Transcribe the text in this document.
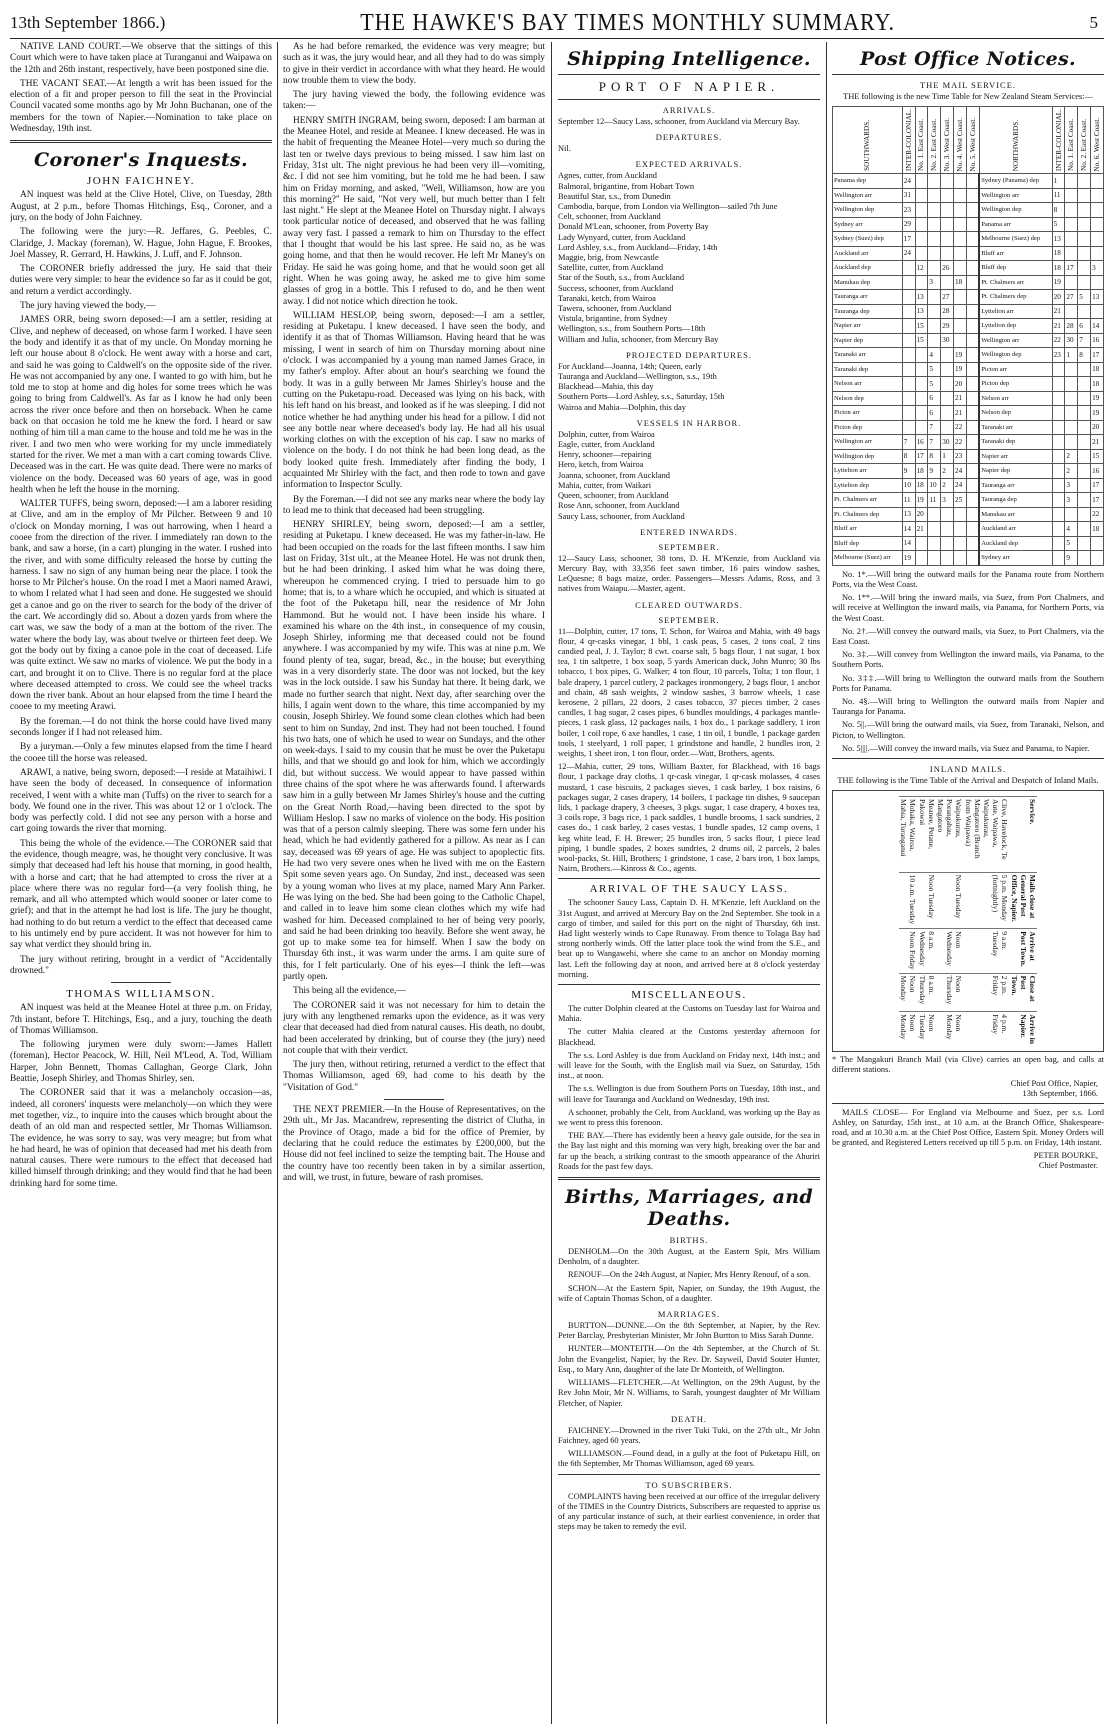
13th September 1866.)	THE HAWKE'S BAY TIMES MONTHLY SUMMARY.	5

NATIVE LAND COURT.—We observe that the sittings of this Court which were to have taken place at Turanganui and Waipawa on the 12th and 26th instant, respectively, have been postponed sine die.

THE VACANT SEAT.—At length a writ has been issued for the election of a fit and proper person to fill the seat in the Provincial Council vacated some months ago by Mr John Buchanan, one of the members for the town of Napier.—Nomination to take place on Wednesday, 19th inst.

Coroner's Inquests.
JOHN FAICHNEY.

AN inquest was held at the Clive Hotel, Clive, on Tuesday, 28th August, at 2 p.m., before Thomas Hitchings, Esq., Coroner, and a jury, on the body of John Faichney.

The following were the jury:—R. Jeffares, G. Peebles, C. Claridge, J. Mackay (foreman), W. Hague, John Hague, F. Brookes, Joel Massey, R. Gerrard, H. Hawkins, J. Luff, and F. Johnson.

The CORONER briefly addressed the jury. He said that their duties were very simple: to hear the evidence so far as it could be got, and return a verdict accordingly.

The jury having viewed the body,—

JAMES ORR, being sworn deposed:—I am a settler, residing at Clive, and nephew of deceased, on whose farm I worked. I have seen the body and identify it as that of my uncle. On Monday morning he left our house about 8 o'clock. He went away with a horse and cart, and said he was going to Caldwell's on the opposite side of the river. He was not accompanied by any one. I wanted to go with him, but he told me to stop at home and dig holes for some trees which he was going to bring from Caldwell's. As far as I know he had only been across the river once before and then on horseback. When he came back on that occasion he told me he knew the ford. I heard or saw nothing of him till a man came to the house and told me he was in the river. I and two men who were working for my uncle immediately started for the river. We met a man with a cart coming towards Clive. Deceased was in the cart. He was quite dead. There were no marks of violence on the body. Deceased was 60 years of age, was in good health when he left the house in the morning.

WALTER TUFFS, being sworn, deposed:—I am a laborer residing at Clive, and am in the employ of Mr Pilcher. Between 9 and 10 o'clock on Monday morning, I was out harrowing, when I heard a cooee from the direction of the river. I immediately ran down to the bank, and saw a horse, (in a cart) plunging in the water. I rushed into the river, and with some difficulty released the horse by cutting the harness. I saw no sign of any human being near the place. I took the horse to Mr Pilcher's house. On the road I met a Maori named Arawi, to whom I related what I had seen and done. He suggested we should get a canoe and go on the river to search for the body of the driver of the cart. We accordingly did so. About a dozen yards from where the cart was, we saw the body of a man at the bottom of the river. The water where the body lay, was about twelve or thirteen feet deep. We got the body out by fixing a canoe pole in the coat of deceased. Life was quite extinct. We saw no marks of violence. We put the body in a cart, and brought it on to Clive. There is no regular ford at the place where deceased attempted to cross. We could see the wheel tracks down the river bank. About an hour elapsed from the time I heard the cooee to my meeting Arawi.

By the foreman.—I do not think the horse could have lived many seconds longer if I had not released him.

By a juryman.—Only a few minutes elapsed from the time I heard the cooee till the horse was released.

ARAWI, a native, being sworn, deposed:—I reside at Mataihiwi. I have seen the body of deceased. In consequence of information received, I went with a white man (Tuffs) on the river to search for a body. We found one in the river. This was about 12 or 1 o'clock. The body was perfectly cold. I did not see any person with a horse and cart going towards the river that morning.

This being the whole of the evidence.—The CORONER said that the evidence, though meagre, was, he thought very conclusive. It was simply that deceased had left his house that morning, in good health, with a horse and cart; that he had attempted to cross the river at a place where there was no regular ford—(a very foolish thing, he remark, and all who attempted which would sooner or later come to grief); and that in the attempt he had lost is life. The jury he thought, had nothing to do but return a verdict to the effect that deceased came to his untimely end by pure accident. It was not however for him to say what verdict they should bring in.

The jury without retiring, brought in a verdict of "Accidentally drowned."

THOMAS WILLIAMSON.

AN inquest was held at the Meanee Hotel at three p.m. on Friday, 7th instant, before T. Hitchings, Esq., and a jury, touching the death of Thomas Williamson.

The following jurymen were duly sworn:—James Hallett (foreman), Hector Peacock, W. Hill, Neil M'Leod, A. Tod, William Harper, John Bennett, Thomas Callaghan, George Clark, John Beattie, Joseph Shirley, and Thomas Shirley, sen.

The CORONER said that it was a melancholy occasion—as, indeed, all coroners' inquests were melancholy—on which they were met together, viz., to inquire into the causes which brought about the death of an old man and respected settler, Mr Thomas Williamson. The evidence, he was sorry to say, was very meagre; but from what he had heard, he was of opinion that deceased had met his death from natural causes. There were rumours to the effect that deceased had killed himself through drinking; and they would find that he had been drinking hard for some time.

As he had before remarked, the evidence was very meagre; but such as it was, the jury would hear, and all they had to do was simply to give in their verdict in accordance with what they heard. He would now trouble them to view the body.

The jury having viewed the body, the following evidence was taken:—

HENRY SMITH INGRAM, being sworn, deposed: I am barman at the Meanee Hotel, and reside at Meanee. I knew deceased. He was in the habit of frequenting the Meanee Hotel—very much so during the last ten or twelve days previous to being missed. I saw him last on Friday, 31st ult. The night previous he had been very ill—vomiting, &c. I did not see him vomiting, but he told me he had been. I saw him on Friday morning, and asked, "Well, Williamson, how are you this morning?" He said, "Not very well, but much better than I felt last night." He slept at the Meanee Hotel on Thursday night. I always took particular notice of deceased, and observed that he was falling away very fast. I passed a remark to him on Thursday to the effect that I thought that would be his last spree. He said no, as he was going home, and that then he would recover. He left Mr Maney's on Friday. He said he was going home, and that he would soon get all right. When he was going away, he asked me to give him some glasses of grog in a bottle. This I refused to do, and he then went away. I did not notice which direction he took.

WILLIAM HESLOP, being sworn, deposed:—I am a settler, residing at Puketapu. I knew deceased. I have seen the body, and identify it as that of Thomas Williamson. Having heard that he was missing, I went in search of him on Thursday morning about nine o'clock. I was accompanied by a young man named James Grace, in my father's employ. After about an hour's searching we found the body. It was in a gully between Mr James Shirley's house and the cutting on the Puketapu-road. Deceased was lying on his back, with his left hand on his breast, and looked as if he was sleeping. I did not notice whether he had anything under his head for a pillow. I did not see any bottle near where deceased's body lay. He had all his usual working clothes on with the exception of his cap. I saw no marks of violence on the body. I do not think he had been long dead, as the body looked quite fresh. Immediately after finding the body, I acquainted Mr Shirley with the fact, and then rode to town and gave information to Inspector Scully.

By the Foreman.—I did not see any marks near where the body lay to lead me to think that deceased had been struggling.

HENRY SHIRLEY, being sworn, deposed:—I am a settler, residing at Puketapu. I knew deceased. He was my father-in-law. He had been occupied on the roads for the last fifteen months. I saw him last on Friday, 31st ult., at the Meanee Hotel. He was not drunk then, but he had been drinking. I asked him what he was doing there, whereupon he commenced crying. I tried to persuade him to go home; that is, to a whare which he occupied, and which is situated at the foot of the Puketapu hill, near the residence of Mr John Hammond. But he would not. I have been inside his whare. I examined his whare on the 4th inst., in consequence of my cousin, Joseph Shirley, informing me that deceased could not be found anywhere. I was accompanied by my wife. This was at nine p.m. We found plenty of tea, sugar, bread, &c., in the house; but everything was in a very disorderly state. The door was not locked, but the key was in the lock outside. I saw his Sunday hat there. It being dark, we made no further search that night. Next day, after searching over the hills, I again went down to the whare, this time accompanied by my cousin, Joseph Shirley. We found some clean clothes which had been sent to him on Sunday, 2nd inst. They had not been touched. I found his two hats, one of which he used to wear on Sundays, and the other on week-days. I said to my cousin that he must be over the Puketapu hills, and that we should go and look for him, which we accordingly did, but without success. We would appear to have passed within three chains of the spot where he was afterwards found. I afterwards saw him in a gully between Mr James Shirley's house and the cutting on the Great North Road,—having been directed to the spot by William Heslop. I saw no marks of violence on the body. His position was that of a person calmly sleeping. There was some fern under his head, which he had evidently gathered for a pillow. As near as I can say, deceased was 69 years of age. He was subject to apoplectic fits. He had two very severe ones when he lived with me on the Eastern Spit some seven years ago. On Sunday, 2nd inst., deceased was seen by a young woman who lives at my place, named Mary Ann Parker. He was lying on the bed. She had been going to the Catholic Chapel, and called in to leave him some clean clothes which my wife had washed for him. Deceased complained to her of being very poorly, and said he had been drinking too heavily. Before she went away, he got up to make some tea for himself. When I saw the body on Thursday 6th inst., it was warm under the arms. I am quite sure of this, for I felt particularly. One of his eyes—I think the left—was partly open.

This being all the evidence,—

The CORONER said it was not necessary for him to detain the jury with any lengthened remarks upon the evidence, as it was very clear that deceased had died from natural causes. His death, no doubt, had been accelerated by drinking, but of course they (the jury) need not couple that with their verdict.

The jury then, without retiring, returned a verdict to the effect that Thomas Williamson, aged 69, had come to his death by the "Visitation of God."

THE NEXT PREMIER.—In the House of Representatives, on the 29th ult., Mr Jas. Macandrew, representing the district of Clutha, in the Province of Otago, made a bid for the office of Premier, by declaring that he could reduce the estimates by £200,000, but the House did not feel inclined to seize the tempting bait. The House and the country have too recently been taken in by a similar assertion, and will, we trust, in future, beware of rash promises.

Shipping Intelligence.
PORT OF NAPIER.
ARRIVALS.

September 12—Saucy Lass, schooner, from Auckland via Mercury Bay.

DEPARTURES.

Nil.

EXPECTED ARRIVALS.
Agnes, cutter, from Auckland
Balmoral, brigantine, from Hobart Town
Beautiful Star, s.s., from Dunedin
Cambodia, barque, from London via Wellington—sailed 7th June
Celt, schooner, from Auckland
Donald M'Lean, schooner, from Poverty Bay
Lady Wynyard, cutter, from Auckland
Lord Ashley, s.s., from Auckland—Friday, 14th
Maggie, brig, from Newcastle
Satellite, cutter, from Auckland
Star of the South, s.s., from Auckland
Success, schooner, from Auckland
Taranaki, ketch, from Wairoa
Tawera, schooner, from Auckland
Vistula, brigantine, from Sydney
Wellington, s.s., from Southern Ports—18th
William and Julia, schooner, from Mercury Bay
PROJECTED DEPARTURES.
For Auckland—Joanna, 14th; Queen, early
Tauranga and Auckland—Wellington, s.s., 19th
Blackhead—Mahia, this day
Southern Ports—Lord Ashley, s.s., Saturday, 15th
Wairoa and Mahia—Dolphin, this day
VESSELS IN HARBOR.
Dolphin, cutter, from Wairoa
Eagle, cutter, from Auckland
Henry, schooner—repairing
Hero, ketch, from Wairoa
Joanna, schooner, from Auckland
Mahia, cutter, from Waikari
Queen, schooner, from Auckland
Rose Ann, schooner, from Auckland
Saucy Lass, schooner, from Auckland
ENTERED INWARDS.
SEPTEMBER.

12—Saucy Lass, schooner, 38 tons, D. H. M'Kenzie, from Auckland via Mercury Bay, with 33,356 feet sawn timber, 16 pairs window sashes, LeQuesne; 8 bags maize, order. Passengers—Messrs Adams, Ross, and 3 natives from Waiapu.—Master, agent.

CLEARED OUTWARDS.
SEPTEMBER.

11—Dolphin, cutter, 17 tons, T. Schon, for Wairoa and Mahia, with 49 bags flour, 4 qr-casks vinegar, 1 bbl, 1 cask peas, 5 cases, 2 tons coal, 2 tins candied peal, J. J. Taylor; 8 cwt. coarse salt, 5 bags flour, 1 nat sugar, 1 box tea, 1 tin saltpetre, 1 box soap, 5 yards American duck, John Munro; 30 lbs tobacco, 1 box pipes, G. Walker; 4 ton flour, 10 parcels, Tolta; 1 ton flour, 1 bale drapery, 1 parcel cutlery, 2 packages ironmongery, 2 bags flour, 1 anchor and chain, 48 sash weights, 2 window sashes, 3 barrow wheels, 1 case kerosene, 2 pillars, 22 doors, 2 cases tobacco, 37 pieces timber, 2 cases candles, 1 bag sugar, 2 cases pipes, 6 bundles mouldings, 4 packages mantle-pieces, 1 cask glass, 12 packages nails, 1 box do., 1 package saddlery, 1 iron boiler, 1 coil rope, 6 axe handles, 1 case, 1 tin oil, 1 bundle, 1 package garden tools, 1 steelyard, 1 roll paper, 1 grindstone and handle, 2 bundles iron, 2 weights, 1 sheet iron, 1 ton flour, order.—Watt, Brothers, agents.

12—Mahia, cutter, 29 tons, William Baxter, for Blackhead, with 16 bags flour, 1 package dray cloths, 1 qr-cask vinegar, 1 qr-cask molasses, 4 cases mustard, 1 case biscuits, 2 packages sieves, 1 cask barley, 1 box raisins, 6 packages sugar, 2 cases drapery, 14 boilers, 1 package tin dishes, 9 saucepan lids, 1 package drapery, 3 cheeses, 3 pkgs. sugar, 1 case drapery, 4 boxes tea, 3 coils rope, 3 bags rice, 1 pack saddles, 1 bundle brooms, 1 sack sundries, 2 cases do., 1 cask barley, 2 cases vestas, 1 bundle spades, 12 camp ovens, 1 keg white lead, F. H. Brewer; 25 bundles iron, 5 sacks flour, 1 piece lead piping, 1 bundle spades, 2 boxes sundries, 2 drums oil, 2 parcels, 2 bales wool-packs, St. Hill, Brothers; 1 grindstone, 1 case, 2 bars iron, 1 box lamps, Nairn, Brothers.—Kinross & Co., agents.

ARRIVAL OF THE SAUCY LASS.

The schooner Saucy Lass, Captain D. H. M'Kenzie, left Auckland on the 31st August, and arrived at Mercury Bay on the 2nd September. She took in a cargo of timber, and sailed for this port on the night of Thursday, 6th inst. Had light westerly winds to Cape Runaway. From thence to Tolaga Bay had strong northerly winds. Off the latter place took the wind from the S.E., and beat up to Wangawehi, where she came to an anchor on Monday morning last. Left the following day at noon, and arrived here at 8 o'clock yesterday morning.

MISCELLANEOUS.

The cutter Dolphin cleared at the Customs on Tuesday last for Wairoa and Mahia.

The cutter Mahia cleared at the Customs yesterday afternoon for Blackhead.

The s.s. Lord Ashley is due from Auckland on Friday next, 14th inst.; and will leave for the South, with the English mail via Suez, on Saturday, 15th inst., at noon.

The s.s. Wellington is due from Southern Ports on Tuesday, 18th inst., and will leave for Tauranga and Auckland on Wednesday, 19th inst.

A schooner, probably the Celt, from Auckland, was working up the Bay as we went to press this forenoon.

THE BAY.—There has evidently been a heavy gale outside, for the sea in the Bay last night and this morning was very high, breaking over the bar and far up the beach, a striking contrast to the smooth appearance of the Ahuriri Roads for the past few days.

Births, Marriages, and Deaths.
BIRTHS.

DENHOLM—On the 30th August, at the Eastern Spit, Mrs William Denholm, of a daughter.

RENOUF—On the 24th August, at Napier, Mrs Henry Renouf, of a son.

SCHON—At the Eastern Spit, Napier, on Sunday, the 19th August, the wife of Captain Thomas Schon, of a daughter.

MARRIAGES.

BURTTON—DUNNE.—On the 8th September, at Napier, by the Rev. Peter Barclay, Presbyterian Minister, Mr John Burtton to Miss Sarah Dunne.

HUNTER—MONTEITH.—On the 4th September, at the Church of St. John the Evangelist, Napier, by the Rev. Dr. Sayweil, David Souter Hunter, Esq., to Mary Ann, daughter of the late Dr Monteith, of Wellington.

WILLIAMS—FLETCHER.—At Wellington, on the 29th August, by the Rev John Moir, Mr N. Williams, to Sarah, youngest daughter of Mr William Fletcher, of Napier.

DEATH.

FAICHNEY.—Drowned in the river Tuki Tuki, on the 27th ult., Mr John Faichney, aged 60 years.

WILLIAMSON.—Found dead, in a gully at the foot of Puketapu Hill, on the 6th September, Mr Thomas Williamson, aged 69 years.

TO SUBSCRIBERS.

COMPLAINTS having been received at our office of the irregular delivery of the TIMES in the Country Districts, Subscribers are requested to apprise us of any particular instance of such, at their earliest convenience, in order that steps may be taken to remedy the evil.

Post Office Notices.
THE MAIL SERVICE.

THE following is the new Time Table for New Zealand Steam Services:—

SOUTHWARDS.	INTER-COLONIAL.	No. 1. East Coast.	No. 2. East Coast.	No. 3. West Coast.	No. 4. West Coast.	No. 5. West Coast.	NORTHWARDS.	INTER-COLONIAL.	No. 1. East Coast.	No. 2. East Coast.	No. 6. West Coast.
Panama dep	24						Sydney (Panama) dep	1			
Wellington arr	31						Wellington arr	11			
Wellington dep	23						Wellington dep	8			
Sydney arr	29						Panama arr	5			
Sydney (Suez) dep	17						Melbourne (Suez) dep	13			
Auckland arr	24						Bluff arr	18			
Auckland dep		12		26			Bluff dep	18	17		3
Manukau dep			3		18		Pt. Chalmers arr	19			
Tauranga arr		13		27			Pt. Chalmers dep	20	27	5	13
Tauranga dep		13		28			Lyttelton arr	21			
Napier arr		15		29			Lyttelton dep	21	28	6	14
Napier dep		15		30			Wellington arr	22	30	7	16
Taranaki arr			4		19		Wellington dep	23	1	8	17
Taranaki dep			5		19		Picton arr				18
Nelson arr			5		20		Picton dep				18
Nelson dep			6		21		Nelson arr				19
Picton arr			6		21		Nelson dep				19
Picton dep			7		22		Taranaki arr				20
Wellington arr	7	16	7	30	22		Taranaki dep				21
Wellington dep	8	17	8	1	23		Napier arr		2		15
Lyttelton arr	9	18	9	2	24		Napier dep		2		16
Lyttelton dep	10	18	10	2	24		Tauranga arr		3		17
Pt. Chalmers arr	11	19	11	3	25		Tauranga dep		3		17
Pt. Chalmers dep	13	20					Manukau arr				22
Bluff arr	14	21					Auckland arr		4		18
Bluff dep	14						Auckland dep		5		
Melbourne (Suez) arr	19						Sydney arr		9		

No. 1*.—Will bring the outward mails for the Panama route from Northern Ports, via the West Coast.

No. 1**.—Will bring the inward mails, via Suez, from Port Chalmers, and will receive at Wellington the inward mails, via Panama, for Northern Ports, via the West Coast.

No. 2†.—Will convey the outward mails, via Suez, to Port Chalmers, via the East Coast.

No. 3‡.—Will convey from Wellington the inward mails, via Panama, to the Southern Ports.

No. 3‡‡.—Will bring to Wellington the outward mails from the Southern Ports for Panama.

No. 4§.—Will bring to Wellington the outward mails from Napier and Tauranga for Panama.

No. 5||.—Will bring the outward mails, via Suez, from Taranaki, Nelson, and Picton, to Wellington.

No. 5||||.—Will convey the inward mails, via Suez and Panama, to Napier.

INLAND MAILS.

THE following is the Time Table of the Arrival and Despatch of Inland Mails.

Service.	Mails close at General Post Office, Napier.	Arrive at Post Town.	Close at Post Town.	Arrive in Napier.
Clive, Havelock, Te Aute, Waipawa, Waipukurau, Mangatoro (Branch from Waipawa)	5 p.m. Monday (fortnightly)	9 a.m. Tuesday	2 p.m. Friday	4 p.m. Friday
Waipukurau, Porangahau, Mangatoro	Noon Tuesday	Noon Wednesday	Noon Thursday	Noon Monday
Meanee, Petane, Pakowai	Noon Tuesday	8 a.m. Wednesday	8 a.m. Thursday	Noon Tuesday
Mohaka, Wairoa, Mahia, Turanganui	10 a.m. Tuesday	Noon Friday	Noon Monday	Noon Monday

* The Mangakuri Branch Mail (via Clive) carries an open bag, and calls at different stations.

Chief Post Office, Napier,
13th September, 1866.

MAILS CLOSE— For England via Melbourne and Suez, per s.s. Lord Ashley, on Saturday, 15th inst., at 10 a.m. at the Branch Office, Shakespeare-road, and at 10.30 a.m. at the Chief Post Office, Eastern Spit. Money Orders will be granted, and Registered Letters received up till 5 p.m. on Friday, 14th instant.

PETER BOURKE,
Chief Postmaster.
